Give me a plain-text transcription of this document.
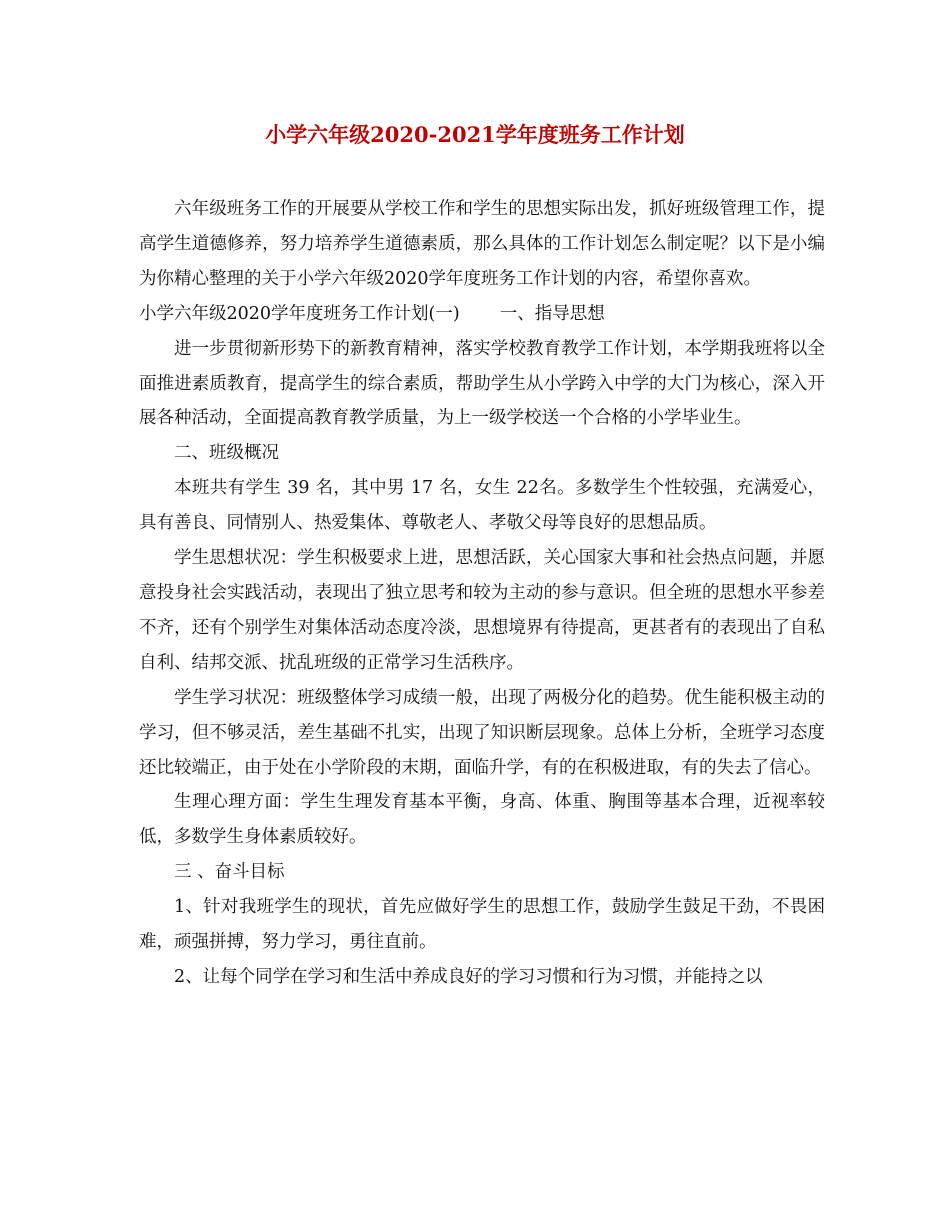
小学六年级2020-2021学年度班务工作计划

六年级班务工作的开展要从学校工作和学生的思想实际出发，抓好班级管理工作，提高学生道德修养，努力培养学生道德素质，那么具体的工作计划怎么制定呢？以下是小编为你精心整理的关于小学六年级2020学年度班务工作计划的内容，希望你喜欢。

小学六年级2020学年度班务工作计划(一) 一、指导思想

进一步贯彻新形势下的新教育精神，落实学校教育教学工作计划，本学期我班将以全面推进素质教育，提高学生的综合素质，帮助学生从小学跨入中学的大门为核心，深入开展各种活动，全面提高教育教学质量，为上一级学校送一个合格的小学毕业生。

二、班级概况

本班共有学生 39 名，其中男 17 名，女生 22名。多数学生个性较强，充满爱心，具有善良、同情别人、热爱集体、尊敬老人、孝敬父母等良好的思想品质。

学生思想状况：学生积极要求上进，思想活跃，关心国家大事和社会热点问题，并愿意投身社会实践活动，表现出了独立思考和较为主动的参与意识。但全班的思想水平参差不齐，还有个别学生对集体活动态度冷淡，思想境界有待提高，更甚者有的表现出了自私自利、结邦交派、扰乱班级的正常学习生活秩序。

学生学习状况：班级整体学习成绩一般，出现了两极分化的趋势。优生能积极主动的学习，但不够灵活，差生基础不扎实，出现了知识断层现象。总体上分析，全班学习态度还比较端正，由于处在小学阶段的末期，面临升学，有的在积极进取，有的失去了信心。

生理心理方面：学生生理发育基本平衡，身高、体重、胸围等基本合理，近视率较低，多数学生身体素质较好。

三 、奋斗目标

1、针对我班学生的现状，首先应做好学生的思想工作，鼓励学生鼓足干劲，不畏困难，顽强拼搏，努力学习，勇往直前。

2、让每个同学在学习和生活中养成良好的学习习惯和行为习惯，并能持之以
